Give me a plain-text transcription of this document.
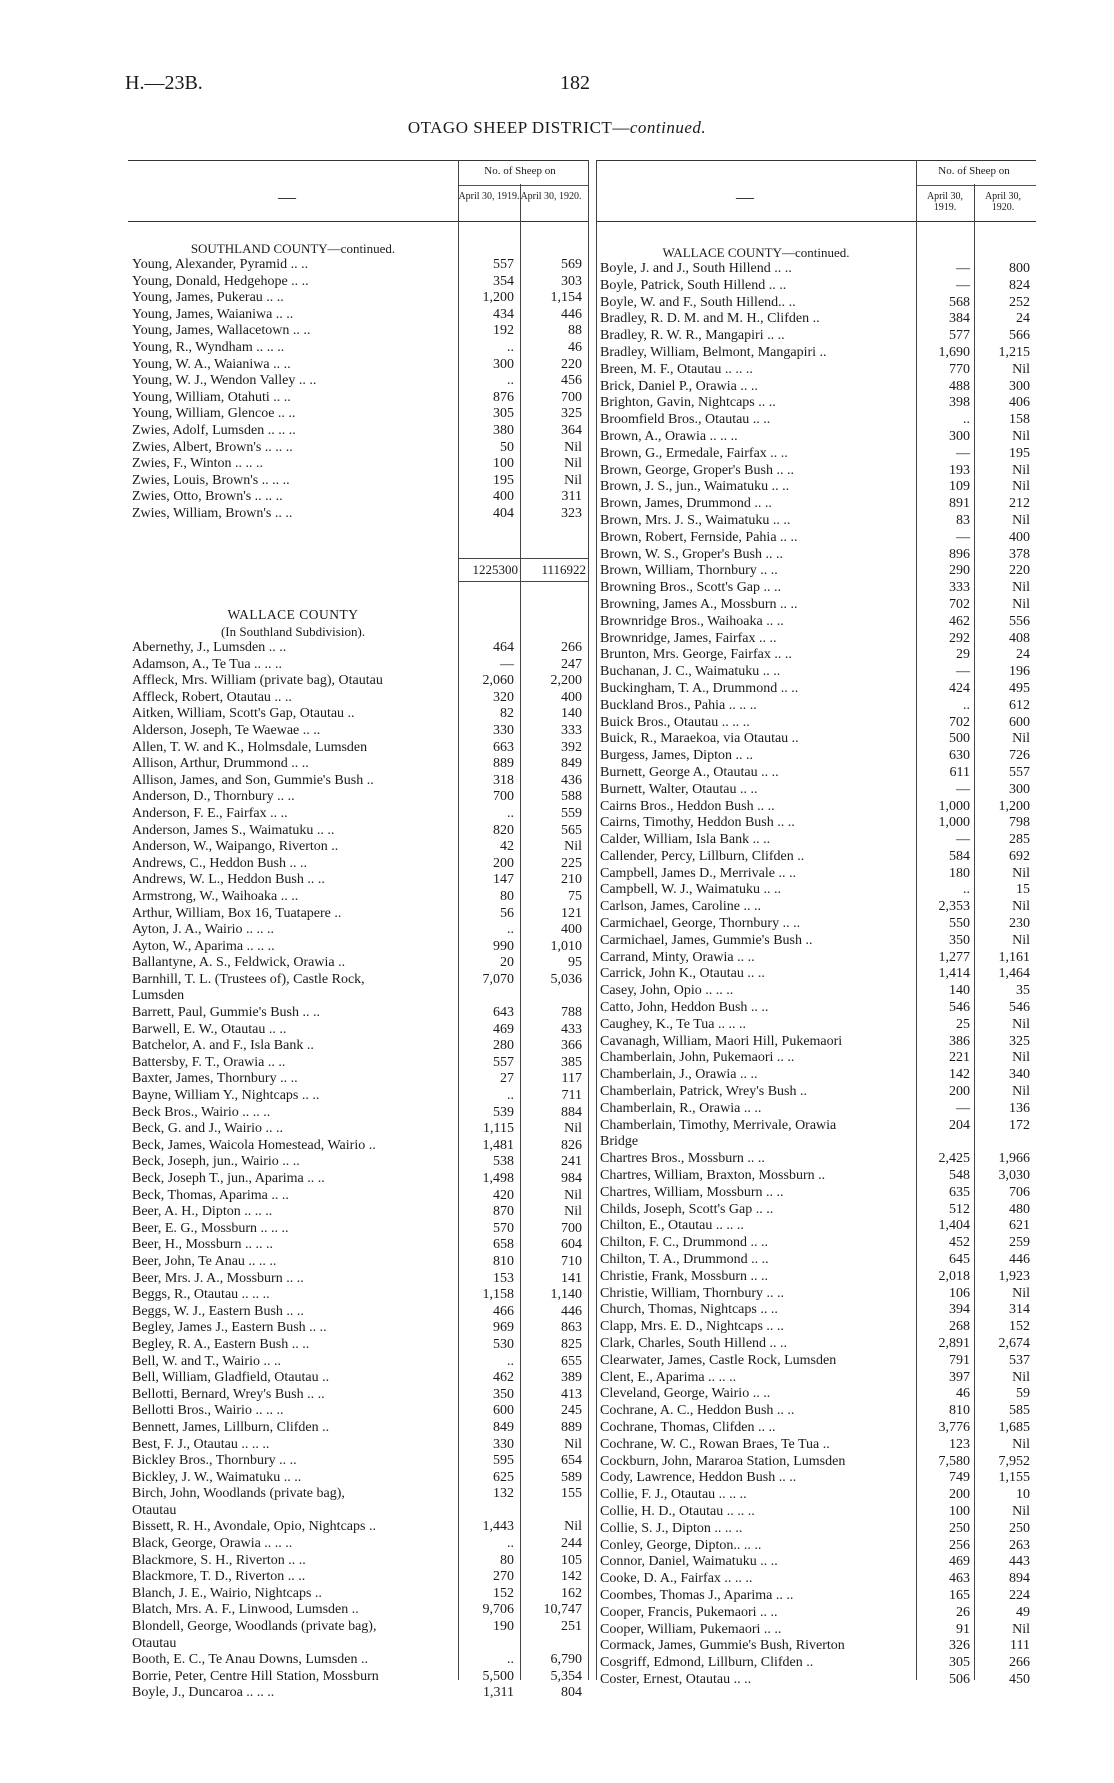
H.—23B.	182
OTAGO SHEEP DISTRICT—continued.
—
No. of Sheep on
April 30, 1919. April 30, 1920.
SOUTHLAND COUNTY—continued.
Young, Alexander, Pyramid .. ..	557	569
Young, Donald, Hedgehope .. ..	354	303
Young, James, Pukerau .. ..	1,200	1,154
Young, James, Waianiwa .. ..	434	446
Young, James, Wallacetown .. ..	192	88
Young, R., Wyndham .. .. ..	..	46
Young, W. A., Waianiwa .. ..	300	220
Young, W. J., Wendon Valley .. ..	..	456
Young, William, Otahuti .. ..	876	700
Young, William, Glencoe .. ..	305	325
Zwies, Adolf, Lumsden .. .. ..	380	364
Zwies, Albert, Brown's .. .. ..	50	Nil
Zwies, F., Winton .. .. ..	100	Nil
Zwies, Louis, Brown's .. .. ..	195	Nil
Zwies, Otto, Brown's .. .. ..	400	311
Zwies, William, Brown's .. ..	404	323
1225300	1116922
WALLACE COUNTY
(In Southland Subdivision).
Abernethy, J., Lumsden .. ..	464	266
Adamson, A., Te Tua .. .. ..	—	247
Affleck, Mrs. William (private bag), Otautau	2,060	2,200
Affleck, Robert, Otautau .. ..	320	400
Aitken, William, Scott's Gap, Otautau ..	82	140
Alderson, Joseph, Te Waewae .. ..	330	333
Allen, T. W. and K., Holmsdale, Lumsden	663	392
Allison, Arthur, Drummond .. ..	889	849
Allison, James, and Son, Gummie's Bush ..	318	436
Anderson, D., Thornbury .. ..	700	588
Anderson, F. E., Fairfax .. ..	..	559
Anderson, James S., Waimatuku .. ..	820	565
Anderson, W., Waipango, Riverton ..	42	Nil
Andrews, C., Heddon Bush .. ..	200	225
Andrews, W. L., Heddon Bush .. ..	147	210
Armstrong, W., Waihoaka .. ..	80	75
Arthur, William, Box 16, Tuatapere ..	56	121
Ayton, J. A., Wairio .. .. ..	..	400
Ayton, W., Aparima .. .. ..	990	1,010
Ballantyne, A. S., Feldwick, Orawia ..	20	95
Barnhill, T. L. (Trustees of), Castle Rock,	7,070	5,036
Lumsden
Barrett, Paul, Gummie's Bush .. ..	643	788
Barwell, E. W., Otautau .. ..	469	433
Batchelor, A. and F., Isla Bank ..	280	366
Battersby, F. T., Orawia .. ..	557	385
Baxter, James, Thornbury .. ..	27	117
Bayne, William Y., Nightcaps .. ..	..	711
Beck Bros., Wairio .. .. ..	539	884
Beck, G. and J., Wairio .. ..	1,115	Nil
Beck, James, Waicola Homestead, Wairio ..	1,481	826
Beck, Joseph, jun., Wairio .. ..	538	241
Beck, Joseph T., jun., Aparima .. ..	1,498	984
Beck, Thomas, Aparima .. ..	420	Nil
Beer, A. H., Dipton .. .. ..	870	Nil
Beer, E. G., Mossburn .. .. ..	570	700
Beer, H., Mossburn .. .. ..	658	604
Beer, John, Te Anau .. .. ..	810	710
Beer, Mrs. J. A., Mossburn .. ..	153	141
Beggs, R., Otautau .. .. ..	1,158	1,140
Beggs, W. J., Eastern Bush .. ..	466	446
Begley, James J., Eastern Bush .. ..	969	863
Begley, R. A., Eastern Bush .. ..	530	825
Bell, W. and T., Wairio .. ..	..	655
Bell, William, Gladfield, Otautau ..	462	389
Bellotti, Bernard, Wrey's Bush .. ..	350	413
Bellotti Bros., Wairio .. .. ..	600	245
Bennett, James, Lillburn, Clifden ..	849	889
Best, F. J., Otautau .. .. ..	330	Nil
Bickley Bros., Thornbury .. ..	595	654
Bickley, J. W., Waimatuku .. ..	625	589
Birch, John, Woodlands (private bag),	132	155
Otautau
Bissett, R. H., Avondale, Opio, Nightcaps ..	1,443	Nil
Black, George, Orawia .. .. ..	..	244
Blackmore, S. H., Riverton .. ..	80	105
Blackmore, T. D., Riverton .. ..	270	142
Blanch, J. E., Wairio, Nightcaps ..	152	162
Blatch, Mrs. A. F., Linwood, Lumsden ..	9,706	10,747
Blondell, George, Woodlands (private bag),	190	251
Otautau
Booth, E. C., Te Anau Downs, Lumsden ..	..	6,790
Borrie, Peter, Centre Hill Station, Mossburn	5,500	5,354
Boyle, J., Duncaroa .. .. ..	1,311	804
—
No. of Sheep on
April 30, 1919.
April 30, 1920.
WALLACE COUNTY—continued.
Boyle, J. and J., South Hillend .. ..	—	800
Boyle, Patrick, South Hillend .. ..	—	824
Boyle, W. and F., South Hillend.. ..	568	252
Bradley, R. D. M. and M. H., Clifden ..	384	24
Bradley, R. W. R., Mangapiri .. ..	577	566
Bradley, William, Belmont, Mangapiri ..	1,690	1,215
Breen, M. F., Otautau .. .. ..	770	Nil
Brick, Daniel P., Orawia .. ..	488	300
Brighton, Gavin, Nightcaps .. ..	398	406
Broomfield Bros., Otautau .. ..	..	158
Brown, A., Orawia .. .. ..	300	Nil
Brown, G., Ermedale, Fairfax .. ..	—	195
Brown, George, Groper's Bush .. ..	193	Nil
Brown, J. S., jun., Waimatuku .. ..	109	Nil
Brown, James, Drummond .. ..	891	212
Brown, Mrs. J. S., Waimatuku .. ..	83	Nil
Brown, Robert, Fernside, Pahia .. ..	—	400
Brown, W. S., Groper's Bush .. ..	896	378
Brown, William, Thornbury .. ..	290	220
Browning Bros., Scott's Gap .. ..	333	Nil
Browning, James A., Mossburn .. ..	702	Nil
Brownridge Bros., Waihoaka .. ..	462	556
Brownridge, James, Fairfax .. ..	292	408
Brunton, Mrs. George, Fairfax .. ..	29	24
Buchanan, J. C., Waimatuku .. ..	—	196
Buckingham, T. A., Drummond .. ..	424	495
Buckland Bros., Pahia .. .. ..	..	612
Buick Bros., Otautau .. .. ..	702	600
Buick, R., Maraekoa, via Otautau ..	500	Nil
Burgess, James, Dipton .. ..	630	726
Burnett, George A., Otautau .. ..	611	557
Burnett, Walter, Otautau .. ..	—	300
Cairns Bros., Heddon Bush .. ..	1,000	1,200
Cairns, Timothy, Heddon Bush .. ..	1,000	798
Calder, William, Isla Bank .. ..	—	285
Callender, Percy, Lillburn, Clifden ..	584	692
Campbell, James D., Merrivale .. ..	180	Nil
Campbell, W. J., Waimatuku .. ..	..	15
Carlson, James, Caroline .. ..	2,353	Nil
Carmichael, George, Thornbury .. ..	550	230
Carmichael, James, Gummie's Bush ..	350	Nil
Carrand, Minty, Orawia .. ..	1,277	1,161
Carrick, John K., Otautau .. ..	1,414	1,464
Casey, John, Opio .. .. ..	140	35
Catto, John, Heddon Bush .. ..	546	546
Caughey, K., Te Tua .. .. ..	25	Nil
Cavanagh, William, Maori Hill, Pukemaori	386	325
Chamberlain, John, Pukemaori .. ..	221	Nil
Chamberlain, J., Orawia .. ..	142	340
Chamberlain, Patrick, Wrey's Bush ..	200	Nil
Chamberlain, R., Orawia .. ..	—	136
Chamberlain, Timothy, Merrivale, Orawia	204	172
Bridge
Chartres Bros., Mossburn .. ..	2,425	1,966
Chartres, William, Braxton, Mossburn ..	548	3,030
Chartres, William, Mossburn .. ..	635	706
Childs, Joseph, Scott's Gap .. ..	512	480
Chilton, E., Otautau .. .. ..	1,404	621
Chilton, F. C., Drummond .. ..	452	259
Chilton, T. A., Drummond .. ..	645	446
Christie, Frank, Mossburn .. ..	2,018	1,923
Christie, William, Thornbury .. ..	106	Nil
Church, Thomas, Nightcaps .. ..	394	314
Clapp, Mrs. E. D., Nightcaps .. ..	268	152
Clark, Charles, South Hillend .. ..	2,891	2,674
Clearwater, James, Castle Rock, Lumsden	791	537
Clent, E., Aparima .. .. ..	397	Nil
Cleveland, George, Wairio .. ..	46	59
Cochrane, A. C., Heddon Bush .. ..	810	585
Cochrane, Thomas, Clifden .. ..	3,776	1,685
Cochrane, W. C., Rowan Braes, Te Tua ..	123	Nil
Cockburn, John, Mararoa Station, Lumsden	7,580	7,952
Cody, Lawrence, Heddon Bush .. ..	749	1,155
Collie, F. J., Otautau .. .. ..	200	10
Collie, H. D., Otautau .. .. ..	100	Nil
Collie, S. J., Dipton .. .. ..	250	250
Conley, George, Dipton.. .. ..	256	263
Connor, Daniel, Waimatuku .. ..	469	443
Cooke, D. A., Fairfax .. .. ..	463	894
Coombes, Thomas J., Aparima .. ..	165	224
Cooper, Francis, Pukemaori .. ..	26	49
Cooper, William, Pukemaori .. ..	91	Nil
Cormack, James, Gummie's Bush, Riverton	326	111
Cosgriff, Edmond, Lillburn, Clifden ..	305	266
Coster, Ernest, Otautau .. ..	506	450
